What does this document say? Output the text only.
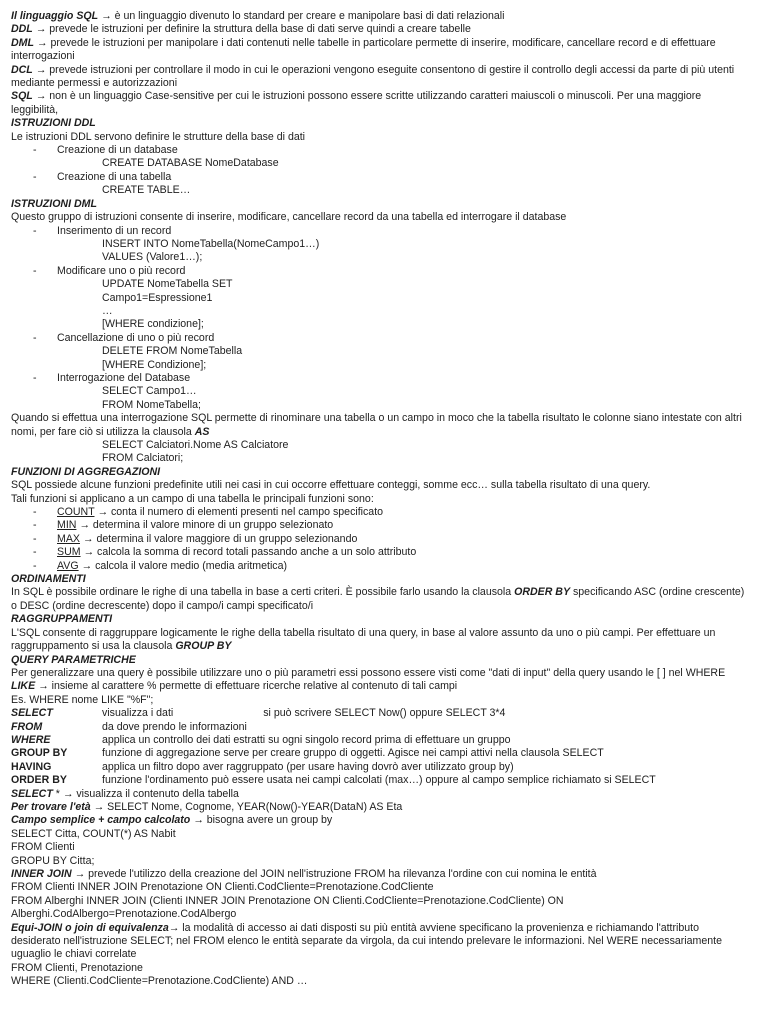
Il linguaggio SQL → è un linguaggio divenuto lo standard per creare e manipolare basi di dati relazionali
DDL → prevede le istruzioni per definire la struttura della base di dati serve quindi a creare tabelle
DML → prevede le istruzioni per manipolare i dati contenuti nelle tabelle in particolare permette di inserire, modificare, cancellare record e di effettuare interrogazioni
DCL → prevede istruzioni per controllare il modo in cui le operazioni vengono eseguite consentono di gestire il controllo degli accessi da parte di più utenti mediante permessi e autorizzazioni
SQL → non è un linguaggio Case-sensitive per cui le istruzioni possono essere scritte utilizzando caratteri maiuscoli o minuscoli. Per una maggiore leggibilità,
ISTRUZIONI DDL
Le istruzioni DDL servono definire le strutture della base di dati
- Creazione di un database
CREATE DATABASE NomeDatabase
- Creazione di una tabella
CREATE TABLE…
ISTRUZIONI DML
Questo gruppo di istruzioni consente di inserire, modificare, cancellare record da una tabella ed interrogare il database
- Inserimento di un record
INSERT INTO NomeTabella(NomeCampo1…)
VALUES (Valore1…);
- Modificare uno o più record
UPDATE NomeTabella SET
Campo1=Espressione1
…
[WHERE condizione];
- Cancellazione di uno o più record
DELETE FROM NomeTabella
[WHERE Condizione];
- Interrogazione del Database
SELECT Campo1…
FROM NomeTabella;
Quando si effettua una interrogazione SQL permette di rinominare una tabella o un campo in moco che la tabella risultato le colonne siano intestate con altri nomi, per fare ciò si utilizza la clausola AS
SELECT Calciatori.Nome AS Calciatore
FROM Calciatori;
FUNZIONI DI AGGREGAZIONI
SQL possiede alcune funzioni predefinite utili nei casi in cui occorre effettuare conteggi, somme ecc… sulla tabella risultato di una query.
Tali funzioni si applicano a un campo di una tabella le principali funzioni sono:
- COUNT → conta il numero di elementi presenti nel campo specificato
- MIN → determina il valore minore di un gruppo selezionato
- MAX → determina il valore maggiore di un gruppo selezionando
- SUM → calcola la somma di record totali passando anche a un solo attributo
- AVG → calcola il valore medio (media aritmetica)
ORDINAMENTI
In SQL è possibile ordinare le righe di una tabella in base a certi criteri. È possibile farlo usando la clausola ORDER BY specificando ASC (ordine crescente) o DESC (ordine decrescente) dopo il campo/i campi specificato/i
RAGGRUPPAMENTI
L'SQL consente di raggruppare logicamente le righe della tabella risultato di una query, in base al valore assunto da uno o più campi. Per effettuare un raggruppamento si usa la clausola GROUP BY
QUERY PARAMETRICHE
Per generalizzare una query è possibile utilizzare uno o più parametri essi possono essere visti come "dati di input" della query usando le [ ] nel WHERE
LIKE → insieme al carattere % permette di effettuare ricerche relative al contenuto di tali campi
Es. WHERE nome LIKE "%F";
SELECT	visualizza i dati	si può scrivere SELECT Now() oppure SELECT 3*4
FROM	da dove prendo le informazioni
WHERE	applica un controllo dei dati estratti su ogni singolo record prima di effettuare un gruppo
GROUP BY	funzione di aggregazione serve per creare gruppo di oggetti. Agisce nei campi attivi nella clausola SELECT
HAVING	applica un filtro dopo aver raggruppato (per usare having dovrò aver utilizzato group by)
ORDER BY	funzione l'ordinamento può essere usata nei campi calcolati (max…) oppure al campo semplice richiamato si SELECT
SELECT * → visualizza il contenuto della tabella
Per trovare l'età → SELECT Nome, Cognome, YEAR(Now()-YEAR(DataN) AS Eta
Campo semplice + campo calcolato → bisogna avere un group by
SELECT Citta, COUNT(*) AS Nabit
FROM Clienti
GROPU BY Citta;
INNER JOIN → prevede l'utilizzo della creazione del JOIN nell'istruzione FROM ha rilevanza l'ordine con cui nomina le entità
FROM Clienti INNER JOIN Prenotazione ON Clienti.CodCliente=Prenotazione.CodCliente
FROM Alberghi INNER JOIN (Clienti INNER JOIN Prenotazione ON Clienti.CodCliente=Prenotazione.CodCliente) ON Alberghi.CodAlbergo=Prenotazione.CodAlbergo
Equi-JOIN o join di equivalenza→ la modalità di accesso ai dati disposti su più entità avviene specificano la provenienza e richiamando l'attributo desiderato nell'istruzione SELECT; nel FROM elenco le entità separate da virgola, da cui intendo prelevare le informazioni. Nel WERE necessariamente uguaglio le chiavi correlate
FROM Clienti, Prenotazione
WHERE (Clienti.CodCliente=Prenotazione.CodCliente) AND …
